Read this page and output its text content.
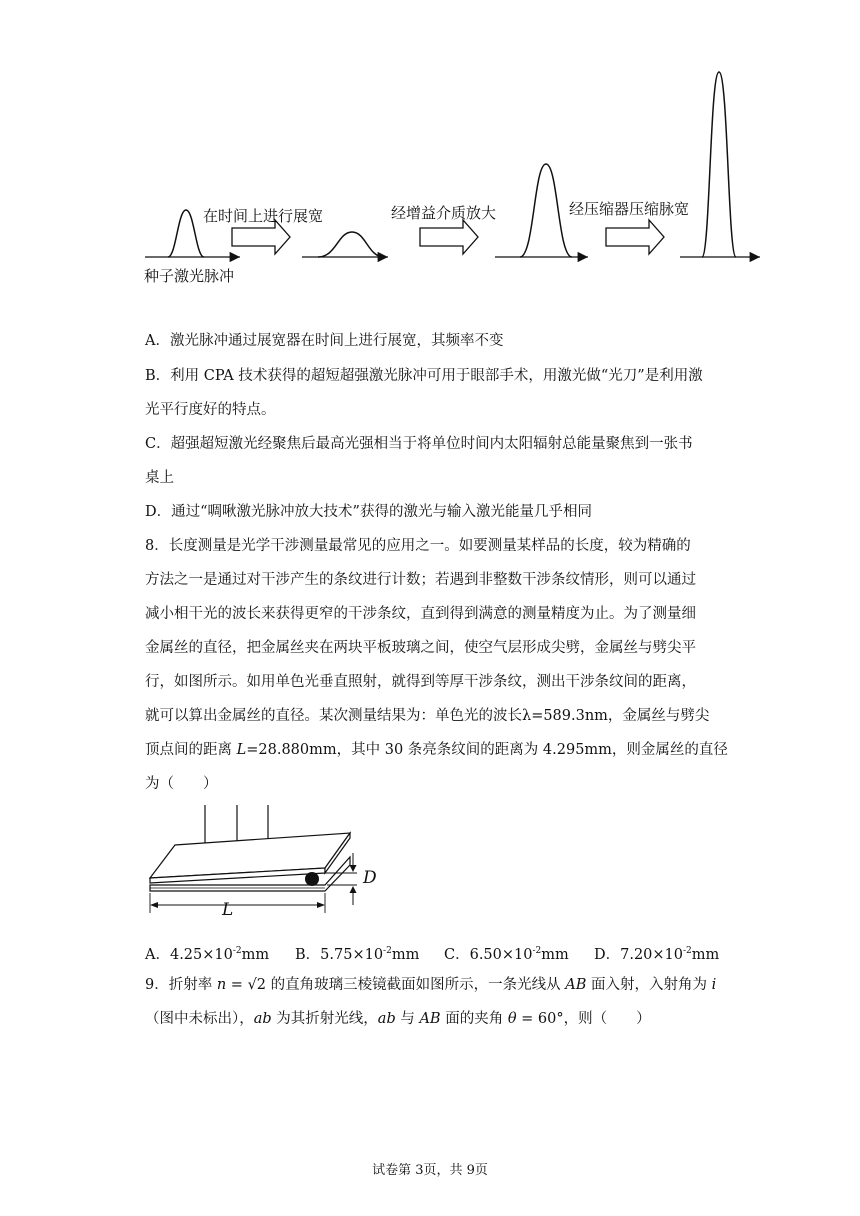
种子激光脉冲
在时间上进行展宽	经增益介质放大	经压缩器压缩脉宽
A．激光脉冲通过展宽器在时间上进行展宽，其频率不变
B．利用 CPA 技术获得的超短超强激光脉冲可用于眼部手术，用激光做“光刀”是利用激
光平行度好的特点。
C．超强超短激光经聚焦后最高光强相当于将单位时间内太阳辐射总能量聚焦到一张书
桌上
D．通过“啁啾激光脉冲放大技术”获得的激光与输入激光能量几乎相同
8．长度测量是光学干涉测量最常见的应用之一。如要测量某样品的长度，较为精确的
方法之一是通过对干涉产生的条纹进行计数；若遇到非整数干涉条纹情形，则可以通过
减小相干光的波长来获得更窄的干涉条纹，直到得到满意的测量精度为止。为了测量细
金属丝的直径，把金属丝夹在两块平板玻璃之间，使空气层形成尖劈，金属丝与劈尖平
行，如图所示。如用单色光垂直照射，就得到等厚干涉条纹，测出干涉条纹间的距离，
就可以算出金属丝的直径。某次测量结果为：单色光的波长λ=589.3nm，金属丝与劈尖
顶点间的距离 L=28.880mm，其中 30 条亮条纹间的距离为 4.295mm，则金属丝的直径
为（　　）
D
L
A．$4.25\times 10^{-2}mm$ B．$5.75\times 10^{-2}mm$ C．$6.50\times 10^{-2}mm$ D．$7.20\times 10^{-2}mm$
9．折射率 n = √2 的直角玻璃三棱镜截面如图所示，一条光线从 AB 面入射，入射角为 i
（图中未标出），ab 为其折射光线，ab 与 AB 面的夹角 θ = 60°，则（　　）
试卷第 3页，共 9页
